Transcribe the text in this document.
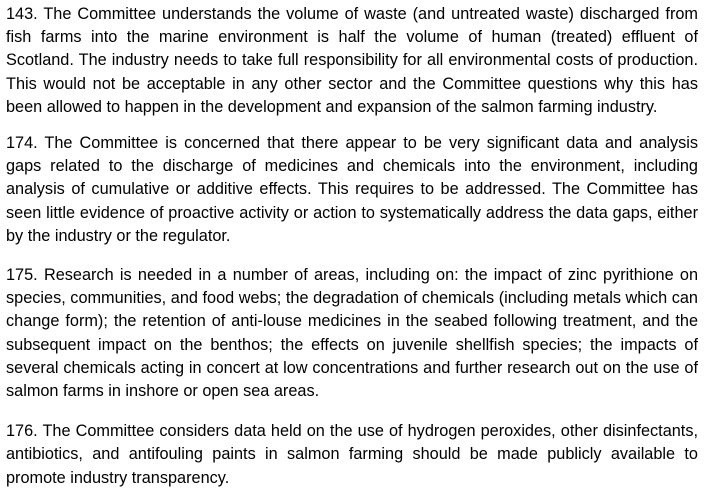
143. The Committee understands the volume of waste (and untreated waste) discharged from fish farms into the marine environment is half the volume of human (treated) effluent of Scotland. The industry needs to take full responsibility for all environmental costs of production. This would not be acceptable in any other sector and the Committee questions why this has been allowed to happen in the development and expansion of the salmon farming industry.

174. The Committee is concerned that there appear to be very significant data and analysis gaps related to the discharge of medicines and chemicals into the environment, including analysis of cumulative or additive effects. This requires to be addressed. The Committee has seen little evidence of proactive activity or action to systematically address the data gaps, either by the industry or the regulator.

175. Research is needed in a number of areas, including on: the impact of zinc pyrithione on species, communities, and food webs; the degradation of chemicals (including metals which can change form); the retention of anti-louse medicines in the seabed following treatment, and the subsequent impact on the benthos; the effects on juvenile shellfish species; the impacts of several chemicals acting in concert at low concentrations and further research out on the use of salmon farms in inshore or open sea areas.

176. The Committee considers data held on the use of hydrogen peroxides, other disinfectants, antibiotics, and antifouling paints in salmon farming should be made publicly available to promote industry transparency.
